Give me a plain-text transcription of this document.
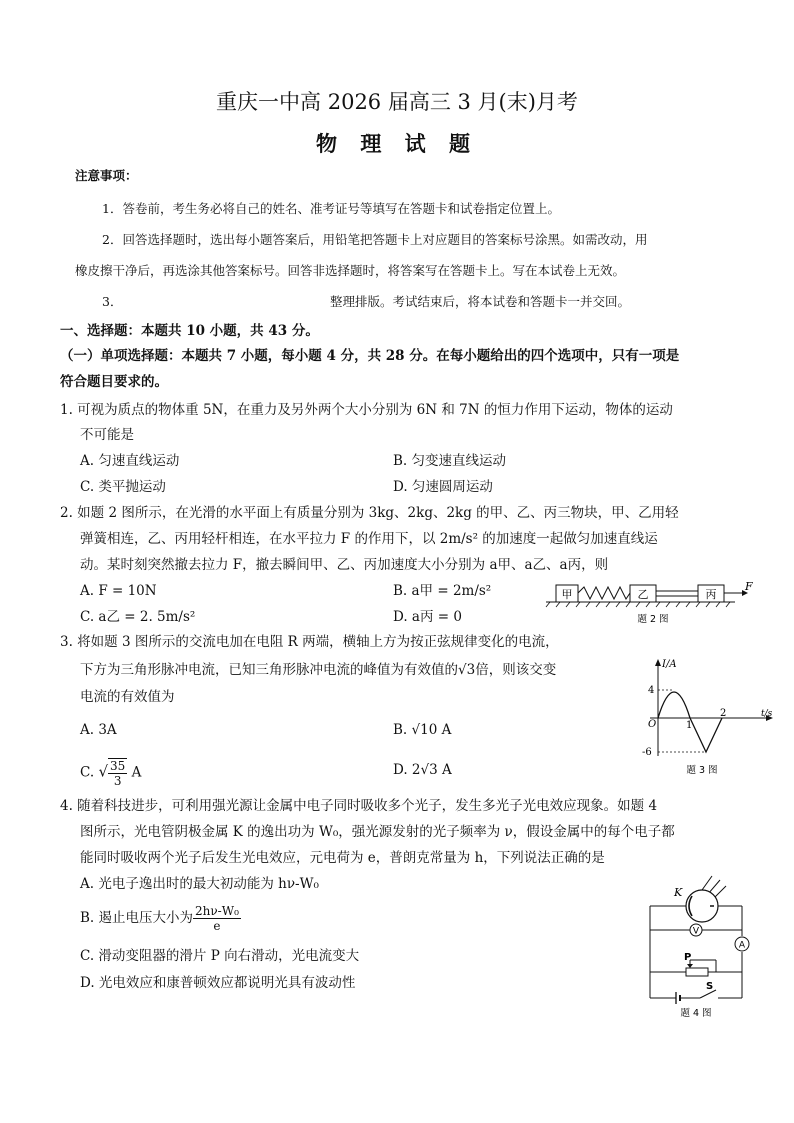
重庆一中高 2026 届高三 3 月(末)月考
物 理 试 题
注意事项：
1．答卷前，考生务必将自己的姓名、准考证号等填写在答题卡和试卷指定位置上。
2．回答选择题时，选出每小题答案后，用铅笔把答题卡上对应题目的答案标号涂黑。如需改动，用
橡皮擦干净后，再选涂其他答案标号。回答非选择题时，将答案写在答题卡上。写在本试卷上无效。
3．	整理排版。考试结束后，将本试卷和答题卡一并交回。
一、选择题：本题共 10 小题，共 43 分。
（一）单项选择题：本题共 7 小题，每小题 4 分，共 28 分。在每小题给出的四个选项中，只有一项是
符合题目要求的。
1. 可视为质点的物体重 5N，在重力及另外两个大小分别为 6N 和 7N 的恒力作用下运动，物体的运动
不可能是
A. 匀速直线运动	B. 匀变速直线运动
C. 类平抛运动	D. 匀速圆周运动
2. 如题 2 图所示，在光滑的水平面上有质量分别为 3kg、2kg、2kg 的甲、乙、丙三物块，甲、乙用轻
弹簧相连，乙、丙用轻杆相连，在水平拉力 F 的作用下，以 2m/s² 的加速度一起做匀加速直线运
动。某时刻突然撤去拉力 F，撤去瞬间甲、乙、丙加速度大小分别为 a甲、a乙、a丙，则
A. F = 10N	B. a甲 = 2m/s²
C. a乙 = 2. 5m/s²	D. a丙 = 0
甲	乙	丙
F
题 2 图
3. 将如题 3 图所示的交流电加在电阻 R 两端，横轴上方为按正弦规律变化的电流，
下方为三角形脉冲电流，已知三角形脉冲电流的峰值为有效值的√3倍，则该交变
电流的有效值为
A. 3A	B. √10 A
C. √ $\frac{35}{3}$ A	D. 2√3 A
I/A
t/s
O
4
-6
1
2
题 3 图
4. 随着科技进步，可利用强光源让金属中电子同时吸收多个光子，发生多光子光电效应现象。如题 4
图所示，光电管阴极金属 K 的逸出功为 W₀，强光源发射的光子频率为 ν，假设金属中的每个电子都
能同时吸收两个光子后发生光电效应，元电荷为 e，普朗克常量为 h，下列说法正确的是
A. 光电子逸出时的最大初动能为 hν-W₀
B. 遏止电压大小为 $\frac{\text{2hν-W₀}}{e}$
C. 滑动变阻器的滑片 P 向右滑动，光电流变大
D. 光电效应和康普顿效应都说明光具有波动性
K
V
A
P
S
题 4 图
